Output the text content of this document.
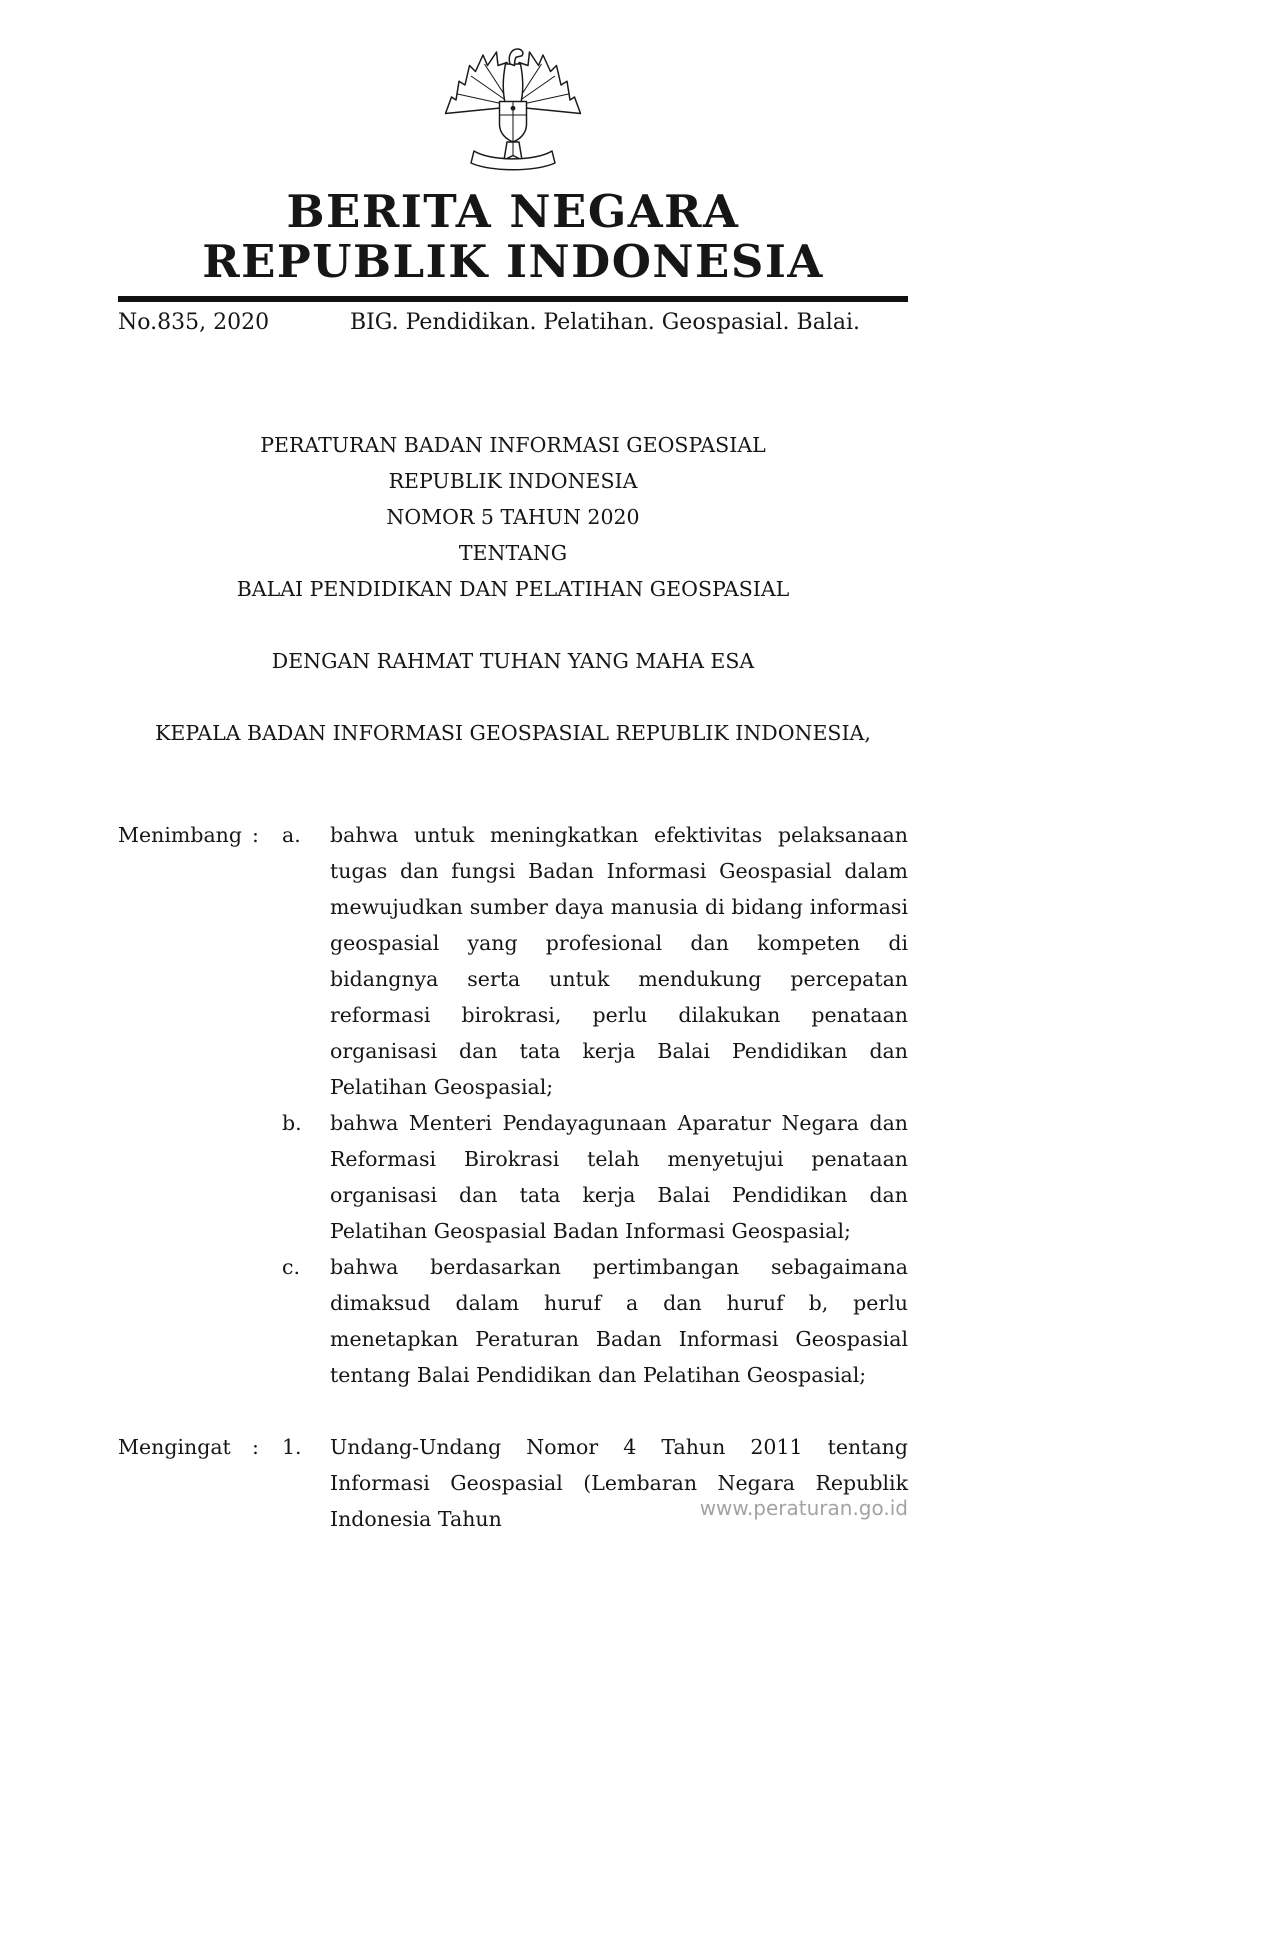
BERITA NEGARA
REPUBLIK INDONESIA
No.835, 2020	BIG. Pendidikan. Pelatihan. Geospasial. Balai.
PERATURAN BADAN INFORMASI GEOSPASIAL
REPUBLIK INDONESIA
NOMOR 5 TAHUN 2020
TENTANG
BALAI PENDIDIKAN DAN PELATIHAN GEOSPASIAL
DENGAN RAHMAT TUHAN YANG MAHA ESA
KEPALA BADAN INFORMASI GEOSPASIAL REPUBLIK INDONESIA,
Menimbang :	a.	bahwa untuk meningkatkan efektivitas pelaksanaan tugas dan fungsi Badan Informasi Geospasial dalam mewujudkan sumber daya manusia di bidang informasi geospasial yang profesional dan kompeten di bidangnya serta untuk mendukung percepatan reformasi birokrasi, perlu dilakukan penataan organisasi dan tata kerja Balai Pendidikan dan Pelatihan Geospasial;
b.	bahwa Menteri Pendayagunaan Aparatur Negara dan Reformasi Birokrasi telah menyetujui penataan organisasi dan tata kerja Balai Pendidikan dan Pelatihan Geospasial Badan Informasi Geospasial;
c.	bahwa berdasarkan pertimbangan sebagaimana dimaksud dalam huruf a dan huruf b, perlu menetapkan Peraturan Badan Informasi Geospasial tentang Balai Pendidikan dan Pelatihan Geospasial;
Mengingat	:	1.	Undang-Undang Nomor 4 Tahun 2011 tentang Informasi Geospasial (Lembaran Negara Republik Indonesia Tahun	www.peraturan.go.id
